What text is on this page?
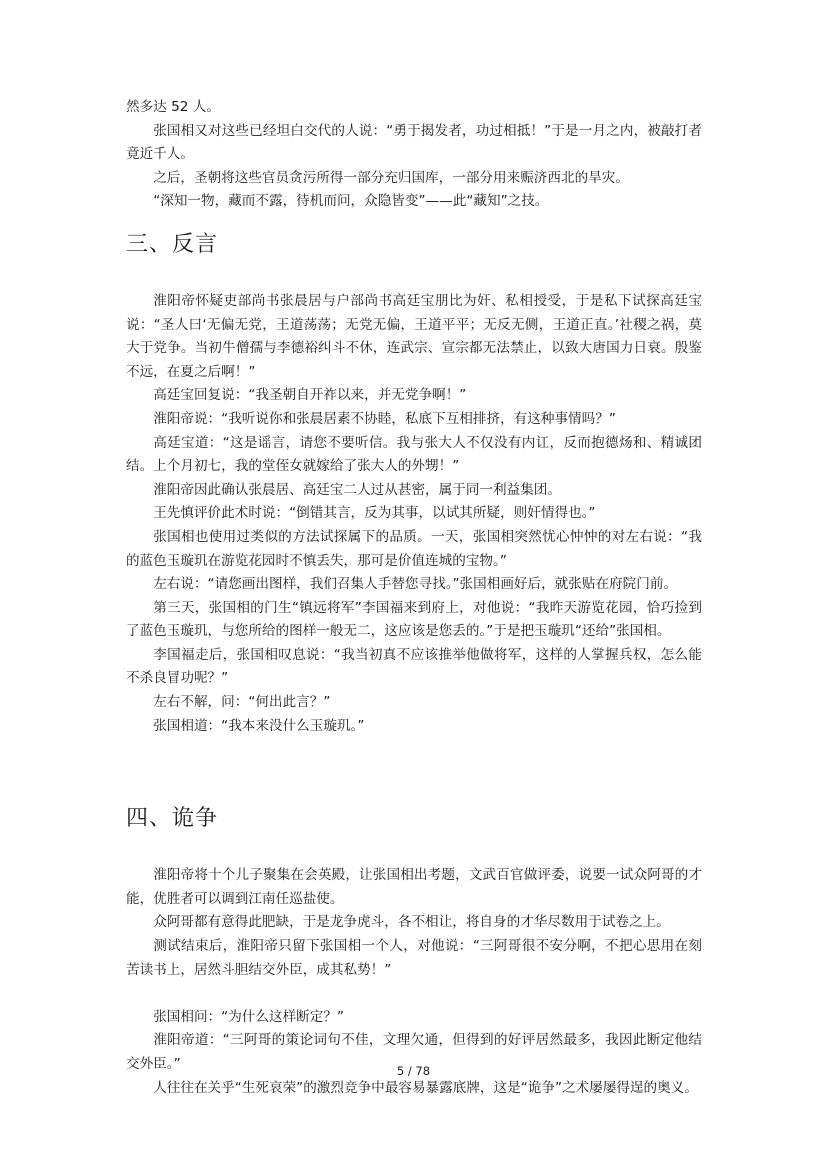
然多达 52 人。

张国相又对这些已经坦白交代的人说：“勇于揭发者，功过相抵！”于是一月之内，被敲打者竟近千人。

之后，圣朝将这些官员贪污所得一部分充归国库，一部分用来赈济西北的旱灾。

“深知一物，藏而不露，待机而问，众隐皆变”——此“藏知”之技。

三、反言

淮阳帝怀疑吏部尚书张晨居与户部尚书高廷宝朋比为奸、私相授受，于是私下试探高廷宝说：“圣人曰‘无偏无党，王道荡荡；无党无偏，王道平平；无反无侧，王道正直。’社稷之祸，莫大于党争。当初牛僧孺与李德裕纠斗不休，连武宗、宣宗都无法禁止，以致大唐国力日衰。殷鉴不远，在夏之后啊！”

高廷宝回复说：“我圣朝自开祚以来，并无党争啊！”

淮阳帝说：“我听说你和张晨居素不协睦，私底下互相排挤，有这种事情吗？”

高廷宝道：“这是谣言，请您不要听信。我与张大人不仅没有内讧，反而抱德炀和、精诚团结。上个月初七，我的堂侄女就嫁给了张大人的外甥！”

淮阳帝因此确认张晨居、高廷宝二人过从甚密，属于同一利益集团。

王先慎评价此术时说：“倒错其言，反为其事，以试其所疑，则奸情得也。”

张国相也使用过类似的方法试探属下的品质。一天，张国相突然忧心忡忡的对左右说：“我的蓝色玉璇玑在游览花园时不慎丢失，那可是价值连城的宝物。”

左右说：“请您画出图样，我们召集人手替您寻找。”张国相画好后，就张贴在府院门前。

第三天，张国相的门生“镇远将军”李国福来到府上，对他说：“我昨天游览花园，恰巧捡到了蓝色玉璇玑，与您所给的图样一般无二，这应该是您丢的。”于是把玉璇玑“还给”张国相。

李国福走后，张国相叹息说：“我当初真不应该推举他做将军，这样的人掌握兵权，怎么能不杀良冒功呢？”

左右不解，问：“何出此言？”

张国相道：“我本来没什么玉璇玑。”

四、诡争

淮阳帝将十个儿子聚集在会英殿，让张国相出考题，文武百官做评委，说要一试众阿哥的才能，优胜者可以调到江南任巡盐使。

众阿哥都有意得此肥缺，于是龙争虎斗，各不相让，将自身的才华尽数用于试卷之上。

测试结束后，淮阳帝只留下张国相一个人，对他说：“三阿哥很不安分啊，不把心思用在刻苦读书上，居然斗胆结交外臣，成其私势！”

张国相问：“为什么这样断定？”

淮阳帝道：“三阿哥的策论词句不佳，文理欠通，但得到的好评居然最多，我因此断定他结交外臣。”

人往往在关乎“生死哀荣”的激烈竞争中最容易暴露底牌，这是“诡争”之术屡屡得逞的奥义。

5 / 78
